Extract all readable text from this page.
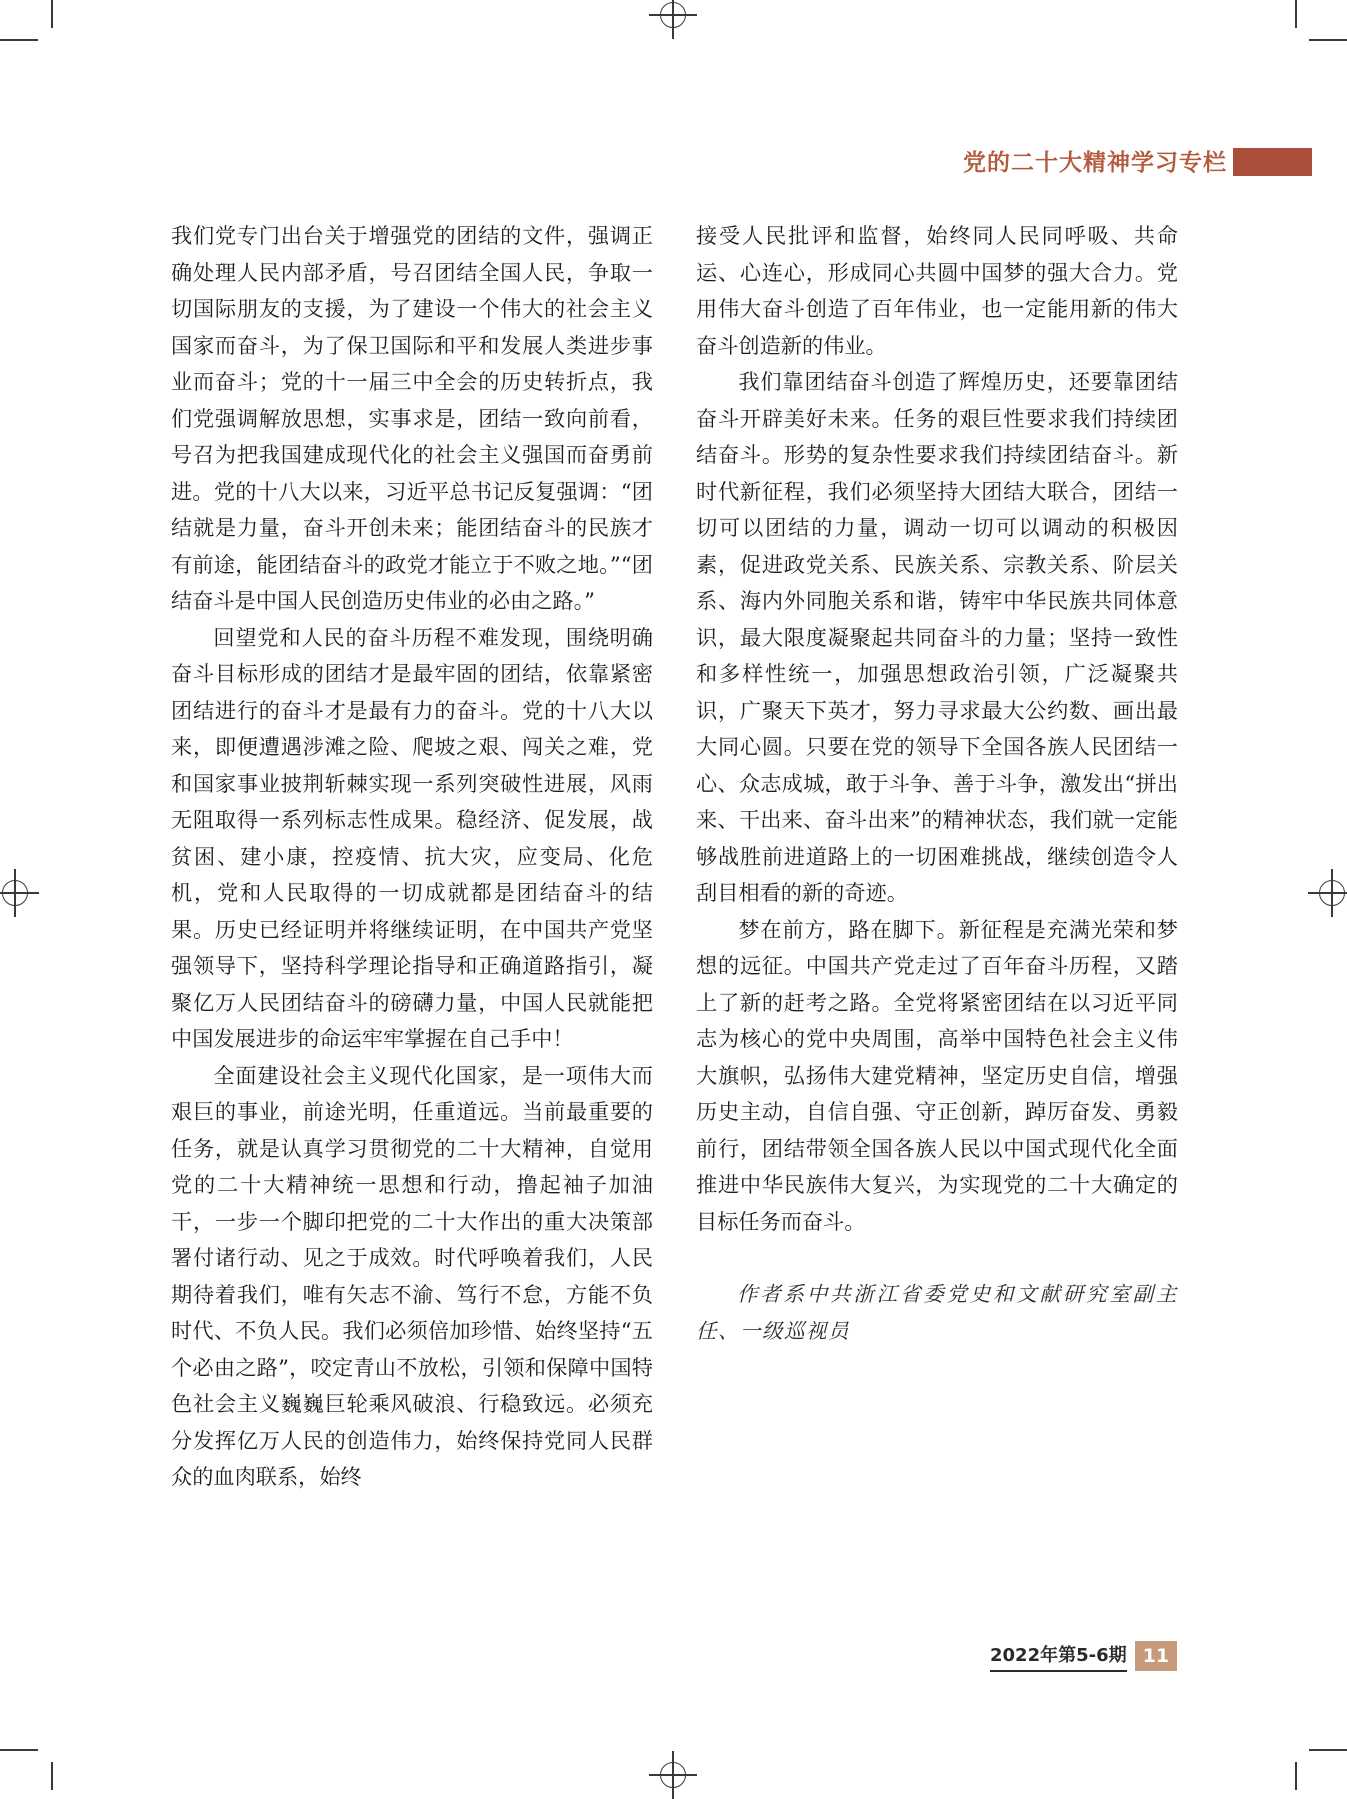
党的二十大精神学习专栏

我们党专门出台关于增强党的团结的文件，强调正确处理人民内部矛盾，号召团结全国人民，争取一切国际朋友的支援，为了建设一个伟大的社会主义国家而奋斗，为了保卫国际和平和发展人类进步事业而奋斗；党的十一届三中全会的历史转折点，我们党强调解放思想，实事求是，团结一致向前看，号召为把我国建成现代化的社会主义强国而奋勇前进。党的十八大以来，习近平总书记反复强调：“团结就是力量，奋斗开创未来；能团结奋斗的民族才有前途，能团结奋斗的政党才能立于不败之地。”“团结奋斗是中国人民创造历史伟业的必由之路。”

回望党和人民的奋斗历程不难发现，围绕明确奋斗目标形成的团结才是最牢固的团结，依靠紧密团结进行的奋斗才是最有力的奋斗。党的十八大以来，即便遭遇涉滩之险、爬坡之艰、闯关之难，党和国家事业披荆斩棘实现一系列突破性进展，风雨无阻取得一系列标志性成果。稳经济、促发展，战贫困、建小康，控疫情、抗大灾，应变局、化危机，党和人民取得的一切成就都是团结奋斗的结果。历史已经证明并将继续证明，在中国共产党坚强领导下，坚持科学理论指导和正确道路指引，凝聚亿万人民团结奋斗的磅礴力量，中国人民就能把中国发展进步的命运牢牢掌握在自己手中！

全面建设社会主义现代化国家，是一项伟大而艰巨的事业，前途光明，任重道远。当前最重要的任务，就是认真学习贯彻党的二十大精神，自觉用党的二十大精神统一思想和行动，撸起袖子加油干，一步一个脚印把党的二十大作出的重大决策部署付诸行动、见之于成效。时代呼唤着我们，人民期待着我们，唯有矢志不渝、笃行不怠，方能不负时代、不负人民。我们必须倍加珍惜、始终坚持“五个必由之路”，咬定青山不放松，引领和保障中国特色社会主义巍巍巨轮乘风破浪、行稳致远。必须充分发挥亿万人民的创造伟力，始终保持党同人民群众的血肉联系，始终

接受人民批评和监督，始终同人民同呼吸、共命运、心连心，形成同心共圆中国梦的强大合力。党用伟大奋斗创造了百年伟业，也一定能用新的伟大奋斗创造新的伟业。

我们靠团结奋斗创造了辉煌历史，还要靠团结奋斗开辟美好未来。任务的艰巨性要求我们持续团结奋斗。形势的复杂性要求我们持续团结奋斗。新时代新征程，我们必须坚持大团结大联合，团结一切可以团结的力量，调动一切可以调动的积极因素，促进政党关系、民族关系、宗教关系、阶层关系、海内外同胞关系和谐，铸牢中华民族共同体意识，最大限度凝聚起共同奋斗的力量；坚持一致性和多样性统一，加强思想政治引领，广泛凝聚共识，广聚天下英才，努力寻求最大公约数、画出最大同心圆。只要在党的领导下全国各族人民团结一心、众志成城，敢于斗争、善于斗争，激发出“拼出来、干出来、奋斗出来”的精神状态，我们就一定能够战胜前进道路上的一切困难挑战，继续创造令人刮目相看的新的奇迹。

梦在前方，路在脚下。新征程是充满光荣和梦想的远征。中国共产党走过了百年奋斗历程，又踏上了新的赶考之路。全党将紧密团结在以习近平同志为核心的党中央周围，高举中国特色社会主义伟大旗帜，弘扬伟大建党精神，坚定历史自信，增强历史主动，自信自强、守正创新，踔厉奋发、勇毅前行，团结带领全国各族人民以中国式现代化全面推进中华民族伟大复兴，为实现党的二十大确定的目标任务而奋斗。

作者系中共浙江省委党史和文献研究室副主任、一级巡视员

2022年第5-6期 11
